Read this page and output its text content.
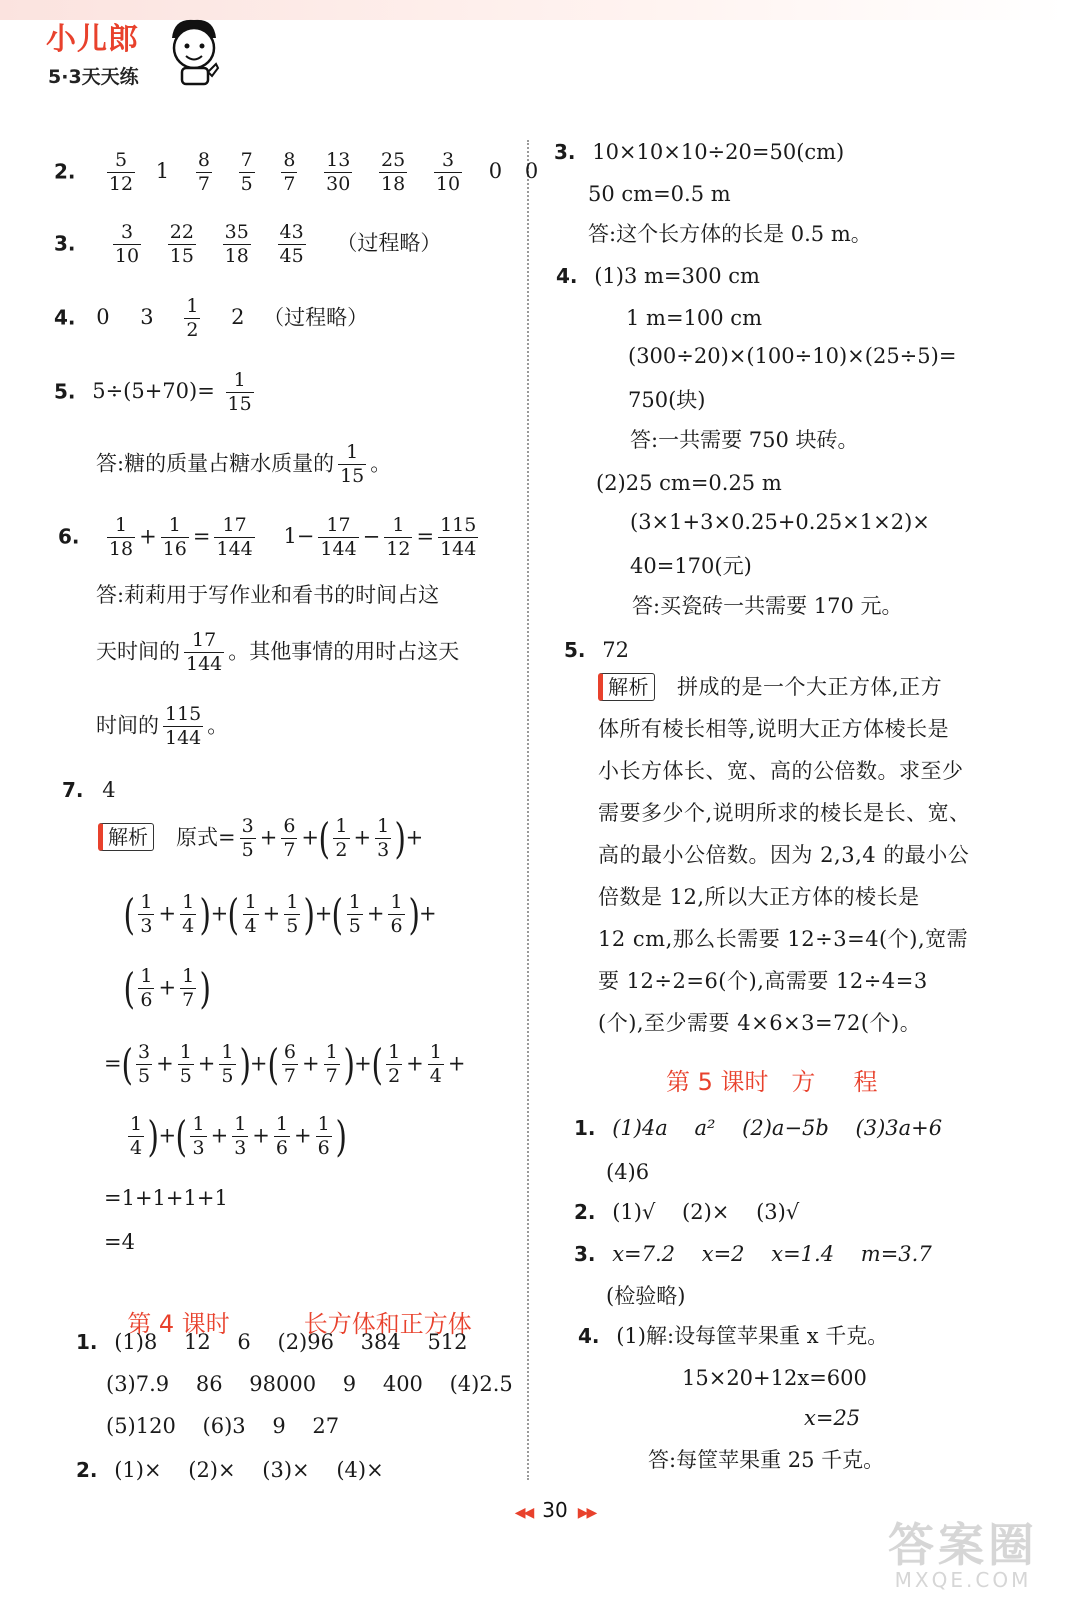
小儿郎
5·3天天练
2. $\frac{5}{12} 1 \frac{8}{7}$
$\frac{7}{5}$
$\frac{8}{7}$
$\frac{13}{30}$
$\frac{25}{18}$
$\frac{3}{10} 0$ 0
3. $\frac{3}{10}$
$\frac{22}{15}$
$\frac{35}{18}$
$\frac{43}{45}$ （过程略）
4. 0 $3 \frac{1}{2} 2$ （过程略）
5. $5\div(5+70)= \frac{1}{15}$
答:糖的质量占糖水质量的 $\frac{1}{15}$ 。
6. $\frac{1}{18} + \frac{1}{16} = \frac{17}{144} 1- \frac{17}{144} - \frac{1}{12} = \frac{115}{144}$
答:莉莉用于写作业和看书的时间占这
天时间的 $\frac{17}{144}$ 。其他事情的用时占这天
时间的 $\frac{115}{144}$ 。
7. 4
解析 原式= $\frac{3}{5} + \frac{6}{7}$ +( $\frac{1}{2} + \frac{1}{3}$ )+
( $\frac{1}{3} + \frac{1}{4}$ )+( $\frac{1}{4} + \frac{1}{5}$ )+( $\frac{1}{5} + \frac{1}{6}$ )+
( $\frac{1}{6} + \frac{1}{7}$ )
=( $\frac{3}{5} + \frac{1}{5} + \frac{1}{5}$ )+( $\frac{6}{7} + \frac{1}{7}$ )+( $\frac{1}{2} + \frac{1}{4}$ +
$\frac{1}{4}$ )+( $\frac{1}{3} + \frac{1}{3} + \frac{1}{6} + \frac{1}{6}$ )
=1+1+1+1
=4

第 4 课时	长方体和正方体

1. (1)8    12    6    (2)96    384    512
(3)7.9    86    98000    9    400    (4)2.5
(5)120    (6)3    9    27
2. (1)×    (2)×    (3)×    (4)×
3. 10×10×10÷20=50(cm)
50 cm=0.5 m
答:这个长方体的长是 0.5 m。
4. (1)3 m=300 cm
1 m=100 cm
(300÷20)×(100÷10)×(25÷5)=
750(块)
答:一共需要 750 块砖。
(2)25 cm=0.25 m
(3×1+3×0.25+0.25×1×2)×
40=170(元)
答:买瓷砖一共需要 170 元。
5. 72
解析 拼成的是一个大正方体,正方
体所有棱长相等,说明大正方体棱长是
小长方体长、宽、高的公倍数。求至少
需要多少个,说明所求的棱长是长、宽、
高的最小公倍数。因为 2,3,4 的最小公
倍数是 12,所以大正方体的棱长是
12 cm,那么长需要 12÷3=4(个),宽需
要 12÷2=6(个),高需要 12÷4=3
(个),至少需要 4×6×3=72(个)。
第 5 课时   方     程
1. (1)4a    a²    (2)a−5b    (3)3a+6
(4)6
2. (1)√    (2)×    (3)√
3. x=7.2    x=2    x=1.4    m=3.7
(检验略)
4. (1)解:设每筐苹果重 x 千克。
15×20+12x=600
x=25
答:每筐苹果重 25 千克。
◀◀ 30 ▶▶
答案圈
MXQE.COM
